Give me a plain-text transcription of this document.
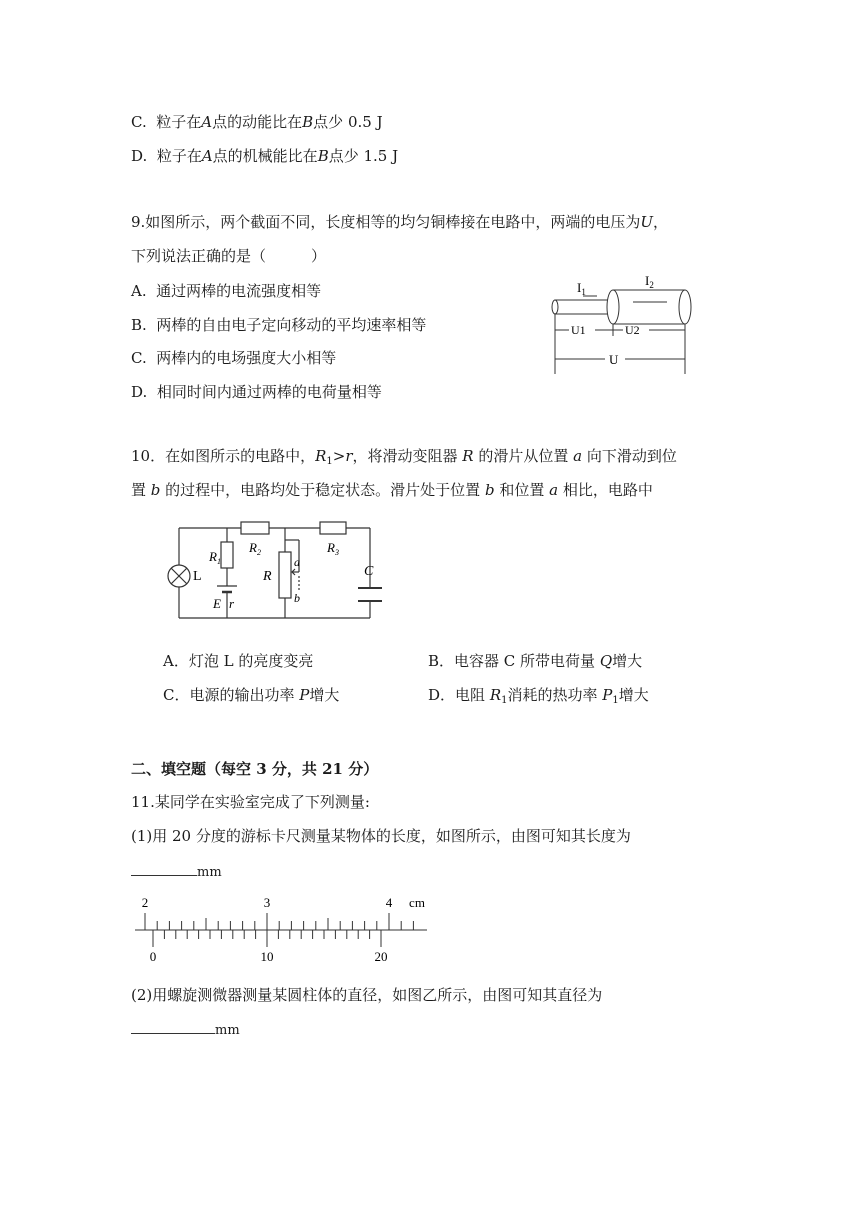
C. 粒子在A点的动能比在B点少 0.5 J
D. 粒子在A点的机械能比在B点少 1.5 J
9.如图所示，两个截面不同，长度相等的均匀铜棒接在电路中，两端的电压为U，
下列说法正确的是（　　　）
A. 通过两棒的电流强度相等
B. 两棒的自由电子定向移动的平均速率相等
C. 两棒内的电场强度大小相等
D. 相同时间内通过两棒的电荷量相等
$I_1$
$I_2$
U1	U2
U
10．在如图所示的电路中，$R_1>r$，将滑动变阻器 R 的滑片从位置 a 向下滑动到位
置 b 的过程中，电路均处于稳定状态。滑片处于位置 b 和位置 a 相比，电路中
L
$R_1$
$R_2$	$R_3$
R
a
b
C
E r
A．灯泡 L 的亮度变亮	B．电容器 C 所带电荷量 Q增大
C．电源的输出功率 P增大	D．电阻 $R_1$消耗的热功率 $P_1$增大
二、填空题（每空 3 分，共 21 分）
11.某同学在实验室完成了下列测量:
(1)用 20 分度的游标卡尺测量某物体的长度，如图所示，由图可知其长度为
mm
2	3	4 cm
0	10	20
(2)用螺旋测微器测量某圆柱体的直径，如图乙所示，由图可知其直径为
mm
